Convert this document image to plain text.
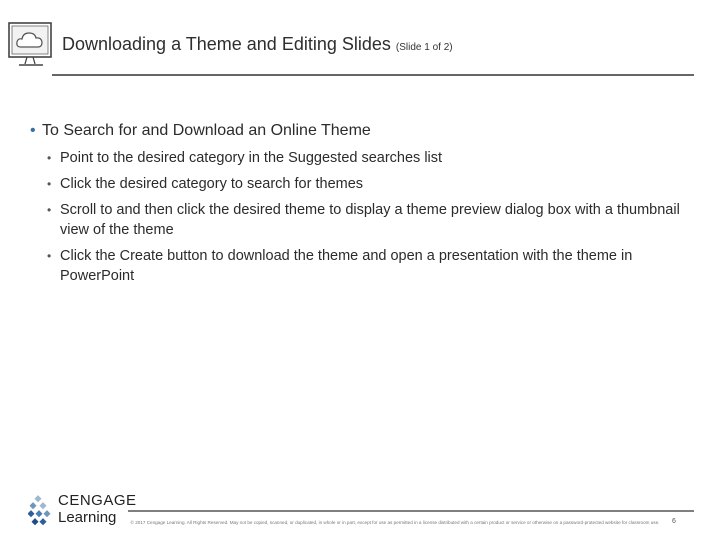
Downloading a Theme and Editing Slides (Slide 1 of 2)
• To Search for and Download an Online Theme
• Point to the desired category in the Suggested searches list
• Click the desired category to search for themes
• Scroll to and then click the desired theme to display a theme preview dialog box with a thumbnail view of the theme
• Click the Create button to download the theme and open a presentation with the theme in PowerPoint
CENGAGE
Learning	© 2017 Cengage Learning. All Rights Reserved. May not be copied, scanned, or duplicated, in whole or in part, except for use as permitted in a license distributed with a certain product or service or otherwise on a password-protected website for classroom use. 6
